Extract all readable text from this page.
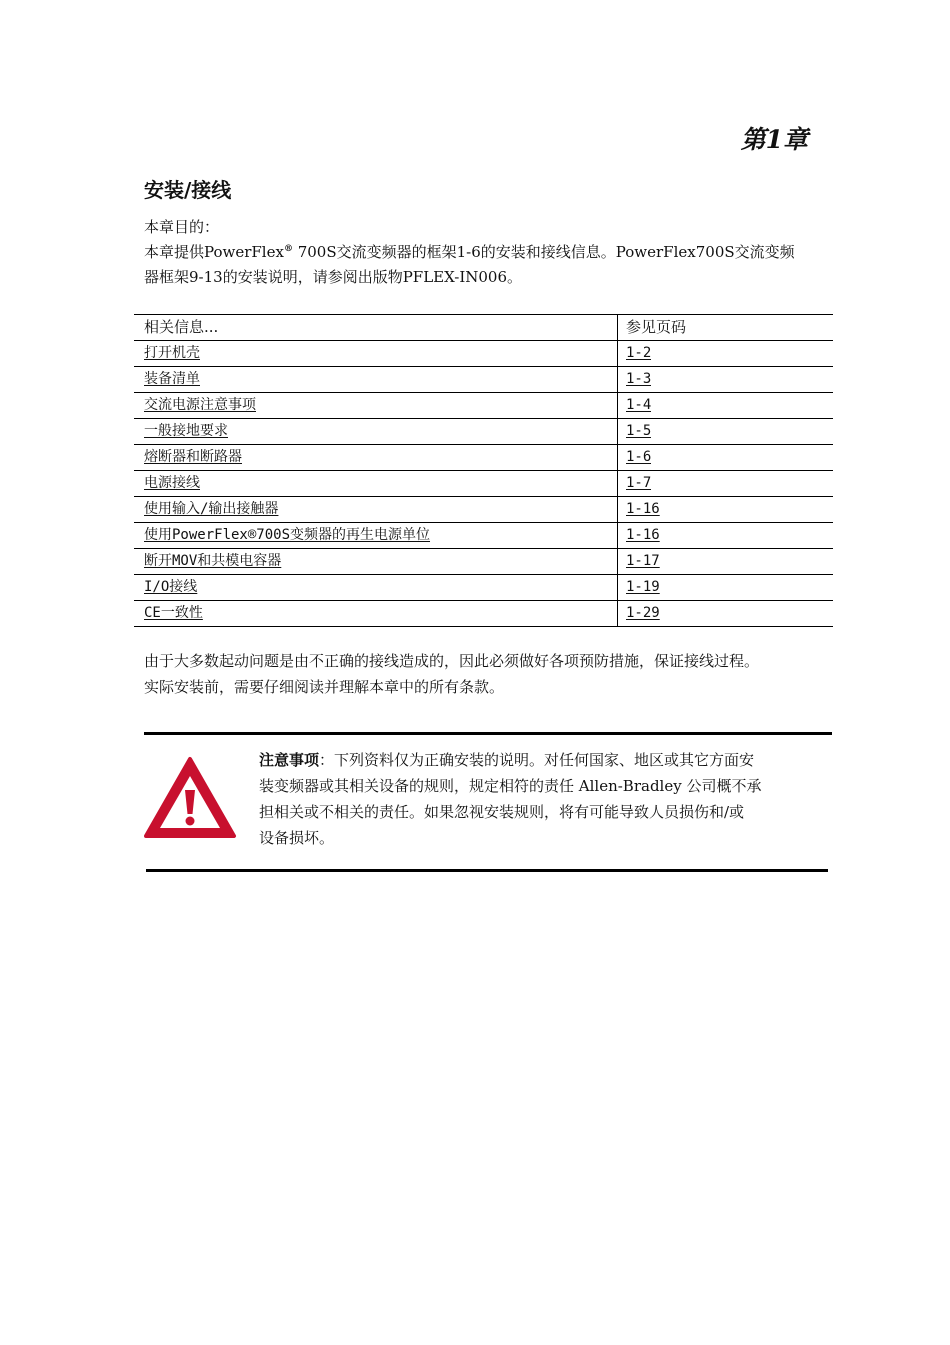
第1章
安装/接线

本章目的：

本章提供PowerFlex® 700S交流变频器的框架1-6的安装和接线信息。PowerFlex700S交流变频

器框架9-13的安装说明，请参阅出版物PFLEX-IN006。

相关信息...	参见页码
打开机壳	1-2
装备清单	1-3
交流电源注意事项	1-4
一般接地要求	1-5
熔断器和断路器	1-6
电源接线	1-7
使用输入/输出接触器	1-16
使用PowerFlex®700S变频器的再生电源单位	1-16
断开MOV和共模电容器	1-17
I/O接线	1-19
CE一致性	1-29

由于大多数起动问题是由不正确的接线造成的，因此必须做好各项预防措施，保证接线过程。

实际安装前，需要仔细阅读并理解本章中的所有条款。

注意事项：下列资料仅为正确安装的说明。对任何国家、地区或其它方面安

装变频器或其相关设备的规则，规定相符的责任 Allen-Bradley 公司概不承

担相关或不相关的责任。如果忽视安装规则，将有可能导致人员损伤和/或

设备损坏。
